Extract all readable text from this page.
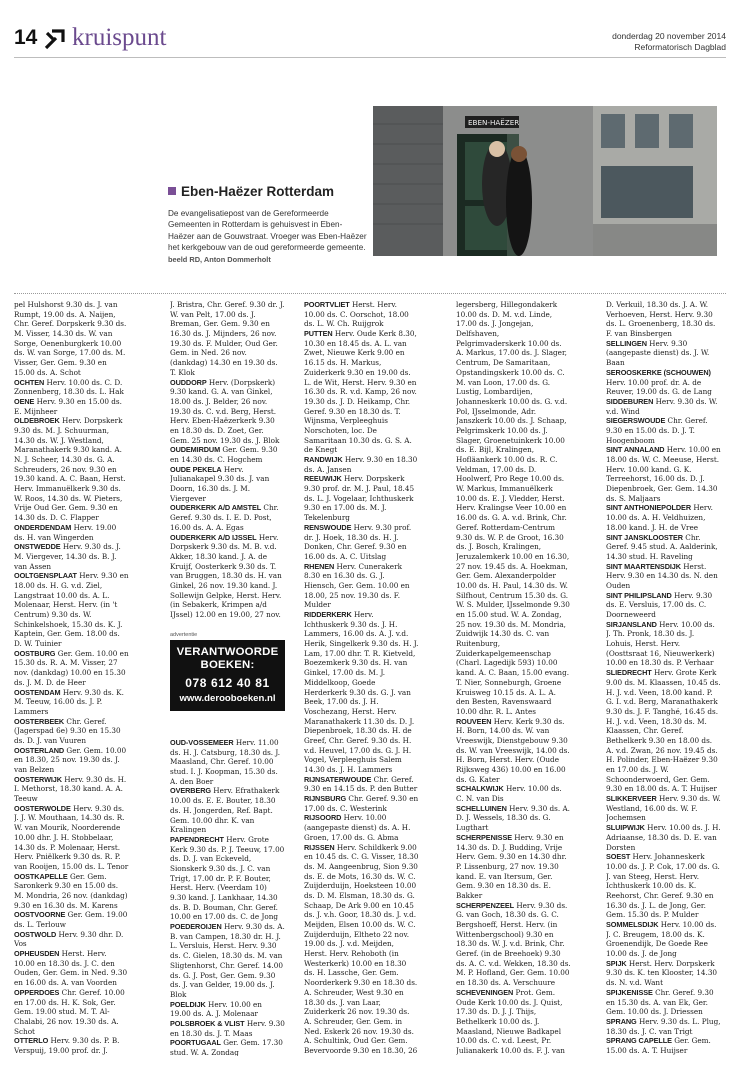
14 kruispunt	donderdag 20 november 2014
Reformatorisch Dagblad
EBEN-HAËZER
Eben-Haëzer Rotterdam
De evangelisatiepost van de Gereformeerde Gemeenten in Rotterdam is gehuisvest in Eben-Haëzer aan de Gouwstraat. Vroeger was Eben-Haëzer het kerkgebouw van de oud gereformeerde gemeente. beeld RD, Anton Dommerholt
pel Hulshorst 9.30 ds. J. van Rumpt, 19.00 ds. A. Naijen, Chr. Geref. Dorpskerk 9.30 ds. M. Visser, 14.30 ds. W. van Sorge, Oenenburgkerk 10.00 ds. W. van Sorge, 17.00 ds. M. Visser, Ger. Gem. 9.30 en 15.00 ds. A. Schot
OCHTEN Herv. 10.00 ds. C. D. Zonnenberg, 18.30 ds. L. Hak
OENE Herv. 9.30 en 15.00 ds. E. Mijnheer
OLDEBROEK Herv. Dorpskerk 9.30 ds. M. J. Schuurman, 14.30 ds. W. J. Westland, Maranathakerk 9.30 kand. A. N. J. Scheer, 14.30 ds. G. A. Schreuders, 26 nov. 9.30 en 19.30 kand. A. C. Baan, Herst. Herv. Immanuëlkerk 9.30 ds. W. Roos, 14.30 ds. W. Pieters, Vrije Oud Ger. Gem. 9.30 en 14.30 ds. D. C. Flapper
ONDERDENDAM Herv. 19.00 ds. H. van Wingerden
ONSTWEDDE Herv. 9.30 ds. J. M. Viergever, 14.30 ds. B. J. van Assen
OOLTGENSPLAAT Herv. 9.30 en 18.00 ds. H. G. v.d. Ziel, Langstraat 10.00 ds. A. L. Molenaar, Herst. Herv. (in 't Centrum) 9.30 ds. W. Schinkelshoek, 15.30 ds. K. J. Kaptein, Ger. Gem. 18.00 ds. D. W. Tuinier
OOSTBURG Ger. Gem. 10.00 en 15.30 ds. R. A. M. Visser, 27 nov. (dankdag) 10.00 en 15.30 ds. J. M. D. de Heer
OOSTENDAM Herv. 9.30 ds. K. M. Teeuw, 16.00 ds. J. P. Lammers
OOSTERBEEK Chr. Geref. (Jagerspad 6e) 9.30 en 15.30 ds. D. J. van Vuuren
OOSTERLAND Ger. Gem. 10.00 en 18.30, 25 nov. 19.30 ds. J. van Belzen
OOSTERWIJK Herv. 9.30 ds. H. I. Methorst, 18.30 kand. A. A. Teeuw
OOSTERWOLDE Herv. 9.30 ds. J. J. W. Mouthaan, 14.30 ds. R. W. van Mourik, Noorderende 10.00 dhr. J. H. Stobbelaar, 14.30 ds. P. Molenaar, Herst. Herv. Pniëlkerk 9.30 ds. R. P. van Rooijen, 15.00 ds. L. Tenor
OOSTKAPELLE Ger. Gem. Saronkerk 9.30 en 15.00 ds. M. Mondria, 26 nov. (dankdag) 9.30 en 16.30 ds. M. Karens
OOSTVOORNE Ger. Gem. 19.00 ds. L. Terlouw
OOSTWOLD Herv. 9.30 dhr. D. Vos
OPHEUSDEN Herst. Herv. 10.00 en 18.30 ds. J. C. den Ouden, Ger. Gem. in Ned. 9.30 en 16.00 ds. A. van Voorden
OPPERDOES Chr. Geref. 10.00 en 17.00 ds. H. K. Sok, Ger. Gem. 19.00 stud. M. T. Al-Chalabi, 26 nov. 19.30 ds. A. Schot
OTTERLO Herv. 9.30 ds. P. B. Verspuij, 19.00 prof. dr. J.
J. Bristra, Chr. Geref. 9.30 dr. J. W. van Pelt, 17.00 ds. J. Breman, Ger. Gem. 9.30 en 16.30 ds. J. Mijnders, 26 nov. 19.30 ds. F. Mulder, Oud Ger. Gem. in Ned. 26 nov. (dankdag) 14.30 en 19.30 ds. T. Klok
OUDDORP Herv. (Dorpskerk) 9.30 kand. G. A. van Ginkel, 18.00 ds. J. Belder, 26 nov. 19.30 ds. C. v.d. Berg, Herst. Herv. Eben-Haëzerkerk 9.30 en 18.30 ds. D. Zoet, Ger. Gem. 25 nov. 19.30 ds. J. Blok
OUDEMIRDUM Ger. Gem. 9.30 en 14.30 ds. C. Hogchem
OUDE PEKELA Herv. Julianakapel 9.30 ds. J. van Doorn, 16.30 ds. J. M. Viergever
OUDERKERK A/D AMSTEL Chr. Geref. 9.30 ds. I. E. D. Post, 16.00 ds. A. A. Egas
OUDERKERK A/D IJSSEL Herv. Dorpskerk 9.30 ds. M. B. v.d. Akker, 18.30 kand. J. A. de Kruijf, Oosterkerk 9.30 ds. T. van Bruggen, 18.30 ds. H. van Ginkel, 26 nov. 19.30 kand. J. Sollewijn Gelpke, Herst. Herv. (in Sebakerk, Krimpen a/d IJssel) 12.00 en 19.00, 27 nov.
OUD-VOSSEMEER Herv. 11.00 ds. H. J. Catsburg, 18.30 ds. J. Maasland, Chr. Geref. 10.00 stud. I. J. Koopman, 15.30 ds. A. den Boer
OVERBERG Herv. Efrathakerk 10.00 ds. E. E. Bouter, 18.30 ds. H. Jongerden, Ref. Bapt. Gem. 10.00 dhr. K. van Kralingen
PAPENDRECHT Herv. Grote Kerk 9.30 ds. P. J. Teeuw, 17.00 ds. D. J. van Eckeveld, Sionskerk 9.30 ds. J. C. van Trigt, 17.00 dr. P. F. Bouter, Herst. Herv. (Veerdam 10) 9.30 kand. J. Lankhaar, 14.30 ds. B. D. Bouman, Chr. Geref. 10.00 en 17.00 ds. C. de Jong
POEDEROIJEN Herv. 9.30 ds. A. B. van Campen, 18.30 dr. H. J. L. Versluis, Herst. Herv. 9.30 ds. C. Gielen, 18.30 ds. M. van Sligtenhorst, Chr. Geref. 14.00 ds. G. J. Post, Ger. Gem. 9.30 ds. J. van Gelder, 19.00 ds. J. Blok
POELDIJK Herv. 10.00 en 19.00 ds. A. J. Molenaar
POLSBROEK & VLIST Herv. 9.30 en 18.30 ds. J. T. Maas
POORTUGAAL Ger. Gem. 17.30 stud. W. A. Zondag
POORTVLIET Herst. Herv. 10.00 ds. C. Oorschot, 18.00 ds. L. W. Ch. Ruijgrok
PUTTEN Herv. Oude Kerk 8.30, 10.30 en 18.45 ds. A. L. van Zwet, Nieuwe Kerk 9.00 en 16.15 ds. H. Markus, Zuiderkerk 9.30 en 19.00 ds. L. de Wit, Herst. Herv. 9.30 en 16.30 ds. R. v.d. Kamp, 26 nov. 19.30 ds. J. D. Heikamp, Chr. Geref. 9.30 en 18.30 ds. T. Wijnsma, Verpleeghuis Norschoten, loc. De Samaritaan 10.30 ds. G. S. A. de Knegt
RANDWIJK Herv. 9.30 en 18.30 ds. A. Jansen
REEUWIJK Herv. Dorpskerk 9.30 prof. dr. M. J. Paul, 18.45 ds. L. J. Vogelaar, Ichthuskerk 9.30 en 17.00 ds. M. J. Tekelenburg
RENSWOUDE Herv. 9.30 prof. dr. J. Hoek, 18.30 ds. H. J. Donken, Chr. Geref. 9.30 en 16.00 ds. A. C. Uitslag
RHENEN Herv. Cunerakerk 8.30 en 16.30 ds. G. J. Hiensch, Ger. Gem. 10.00 en 18.00, 25 nov. 19.30 ds. F. Mulder
RIDDERKERK Herv. Ichthuskerk 9.30 ds. J. H. Lammers, 16.00 ds. A. J. v.d. Herik, Singelkerk 9.30 ds. H. J. Lam, 17.00 dhr. T. R. Kietveld, Boezemkerk 9.30 ds. H. van Ginkel, 17.00 ds. M. J. Middelkoop, Goede Herderkerk 9.30 ds. G. J. van Beek, 17.00 ds. J. H. Voschezang, Herst. Herv. Maranathakerk 11.30 ds. D. J. Diepenbroek, 18.30 ds. H. de Greef, Chr. Geref. 9.30 ds. H. v.d. Heuvel, 17.00 ds. G. J. H. Vogel, Verpleeghuis Salem 14.30 ds. J. H. Lammers
RIJNSATERWOUDE Chr. Geref. 9.30 en 14.15 ds. P. den Butter
RIJNSBURG Chr. Geref. 9.30 en 17.00 ds. C. Westerink
RIJSOORD Herv. 10.00 (aangepaste dienst) ds. A. H. Groen, 17.00 ds. G. Abma
RIJSSEN Herv. Schildkerk 9.00 en 10.45 ds. C. G. Visser, 18.30 ds. M. Aangeenbrug, Sion 9.30 ds. E. de Mots, 16.30 ds. W. C. Zuijderduijn, Hoeksteen 10.00 ds. D. M. Elsman, 18.30 ds. G. Schaap, De Ark 9.00 en 10.45 ds. J. v.h. Goor, 18.30 ds. J. v.d. Meijden, Elsen 10.00 ds. W. C. Zuijderduijn, Eltheto 22 nov. 19.00 ds. J. v.d. Meijden, Herst. Herv. Rehoboth (in Westerkerk) 10.00 en 18.30 ds. H. Lassche, Ger. Gem. Noorderkerk 9.30 en 18.30 ds. A. Schreuder, West 9.30 en 18.30 ds. J. van Laar, Zuiderkerk 26 nov. 19.30 ds. A. Schreuder, Ger. Gem. in Ned. Eskerk 26 nov. 19.30 ds. A. Schultink, Oud Ger. Gem. Bevervoorde 9.30 en 18.30, 26
legersberg, Hillegondakerk 10.00 ds. D. M. v.d. Linde, 17.00 ds. J. Jongejan, Delfshaven, Pelgrimvaderskerk 10.00 ds. A. Markus, 17.00 ds. J. Slager, Centrum, De Samaritaan, Opstandingskerk 10.00 ds. C. M. van Loon, 17.00 ds. G. Lustig, Lombardijen, Johanneskerk 10.00 ds. G. v.d. Pol, IJsselmonde, Adr. Janszkerk 10.00 ds. J. Schaap, Pelgrimskerk 10.00 ds. J. Slager, Groenetuinkerk 10.00 ds. E. Bijl, Kralingen, Hofläankerk 10.00 ds. R. C. Veldman, 17.00 ds. D. Hoolwerf, Pro Rege 10.00 ds. W. Markus, Immanuëlkerk 10.00 ds. E. J. Vledder, Herst. Herv. Kralingse Veer 10.00 en 16.00 ds. G. A. v.d. Brink, Chr. Geref. Rotterdam-Centrum 9.30 ds. W. P. de Groot, 16.30 ds. J. Bosch, Kralingen, Jeruzalemkerk 10.00 en 16.30, 27 nov. 19.45 ds. A. Hoekman, Ger. Gem. Alexanderpolder 10.00 ds. H. Paul, 14.30 ds. W. Silfhout, Centrum 15.30 ds. G. W. S. Mulder, IJsselmonde 9.30 en 15.00 stud. W. A. Zondag, 25 nov. 19.30 ds. M. Mondria, Zuidwijk 14.30 ds. C. van Ruitenburg, Zuiderkapelgemeenschap (Charl. Lagedijk 593) 10.00 kand. A. C. Baan, 15.00 evang. T. Nier, Sonneburgh, Groene Kruisweg 10.15 ds. A. L. A. den Besten, Ravenswaard 10.00 dhr. R. L. Antes
ROUVEEN Herv. Kerk 9.30 ds. H. Born, 14.00 ds. W. van Vreeswijk, Dienstgebouw 9.30 ds. W. van Vreeswijk, 14.00 ds. H. Born, Herst. Herv. (Oude Rijksweg 436) 10.00 en 16.00 ds. G. Kater
SCHALKWIJK Herv. 10.00 ds. C. N. van Dis
SCHELLUINEN Herv. 9.30 ds. A. D. J. Wessels, 18.30 ds. G. Lugthart
SCHERPENISSE Herv. 9.30 en 14.30 ds. D. J. Budding, Vrije Herv. Gem. 9.30 en 14.30 dhr. P. Lissenburg, 27 nov. 19.30 kand. E. van Itersum, Ger. Gem. 9.30 en 18.30 ds. E. Bakker
SCHERPENZEEL Herv. 9.30 ds. G. van Goch, 18.30 ds. G. C. Bergshoeff, Herst. Herv. (in Wittenbergschool) 9.30 en 18.30 ds. W. J. v.d. Brink, Chr. Geref. (in de Breehoek) 9.30 ds. A. C. v.d. Wekken, 18.30 ds. M. P. Hofland, Ger. Gem. 10.00 en 18.30 ds. A. Verschuure
SCHEVENINGEN Prot. Gem. Oude Kerk 10.00 ds. J. Quist, 17.30 ds. D. J. J. Thijs, Bethelkerk 10.00 ds. J. Maasland, Nieuwe Badkapel 10.00 ds. C. v.d. Leest, Pr. Julianakerk 10.00 ds. F. J. van
D. Verkuil, 18.30 ds. J. A. W. Verhoeven, Herst. Herv. 9.30 ds. L. Groenenberg, 18.30 ds. F. van Binsbergen
SELLINGEN Herv. 9.30 (aangepaste dienst) ds. J. W. Baan
SEROOSKERKE (SCHOUWEN) Herv. 10.00 prof. dr. A. de Reuver, 19.00 ds. G. de Lang
SIDDEBUREN Herv. 9.30 ds. W. v.d. Wind
SIEGERSWOUDE Chr. Geref. 9.30 en 15.00 ds. D. J. T. Hoogenboom
SINT ANNALAND Herv. 10.00 en 18.00 ds. W. C. Meeuse, Herst. Herv. 10.00 kand. G. K. Terreehorst, 16.00 ds. D. J. Diepenbroek, Ger. Gem. 14.30 ds. S. Maljaars
SINT ANTHONIEPOLDER Herv. 10.00 ds. A. H. Veldhuizen, 18.00 kand. J. H. de Vree
SINT JANSKLOOSTER Chr. Geref. 9.45 stud. A. Aalderink, 14.30 stud. H. Raveling
SINT MAARTENSDIJK Herst. Herv. 9.30 en 14.30 ds. N. den Ouden
SINT PHILIPSLAND Herv. 9.30 ds. E. Versluis, 17.00 ds. C. Doorneweerd
SIRJANSLAND Herv. 10.00 ds. J. Th. Pronk, 18.30 ds. J. Lohuis, Herst. Herv. (Oosttsraat 16, Nieuwerkerk) 10.00 en 18.30 ds. P. Verhaar
SLIEDRECHT Herv. Grote Kerk 9.00 ds. M. Klaassen, 10.45 ds. H. J. v.d. Veen, 18.00 kand. P. G. I. v.d. Berg, Maranathakerk 9.30 ds. J. F. Tanghé, 16.45 ds. H. J. v.d. Veen, 18.30 ds. M. Klaassen, Chr. Geref. Bethelkerk 9.30 en 18.00 ds. A. v.d. Zwan, 26 nov. 19.45 ds. H. Polinder, Eben-Haëzer 9.30 en 17.00 ds. J. W. Schoonderwoerd, Ger. Gem. 9.30 en 18.00 ds. A. T. Huijser
SLIKKERVEER Herv. 9.30 ds. W. Westland, 16.00 ds. W. F. Jochemsen
SLUIPWIJK Herv. 10.00 ds. J. H. Adriaanse, 18.30 ds. D. E. van Dorsten
SOEST Herv. Johanneskerk 10.00 ds. J. P. Cok, 17.00 ds. G. J. van Steeg, Herst. Herv. Ichthuskerk 10.00 ds. K. Reehorst, Chr. Geref. 9.30 en 16.30 ds. J. L. de Jong, Ger. Gem. 15.30 ds. P. Mulder
SOMMELSDIJK Herv. 10.00 ds. J. C. Breugem, 18.00 ds. K. Groenendijk, De Goede Ree 10.00 ds. J. de Jong
SPIJK Herst. Herv. Dorpskerk 9.30 ds. K. ten Klooster, 14.30 ds. N. v.d. Want
SPIJKENISSE Chr. Geref. 9.30 en 15.30 ds. A. van Ek, Ger. Gem. 10.00 ds. J. Driessen
SPRANG Herv. 9.30 ds. L. Plug, 18.30 ds. J. C. van Trigt
SPRANG CAPELLE Ger. Gem. 15.00 ds. A. T. Huijser
advertentie
VERANTWOORDE
BOEKEN:
078 612 40 81
www.derooboeken.nl
